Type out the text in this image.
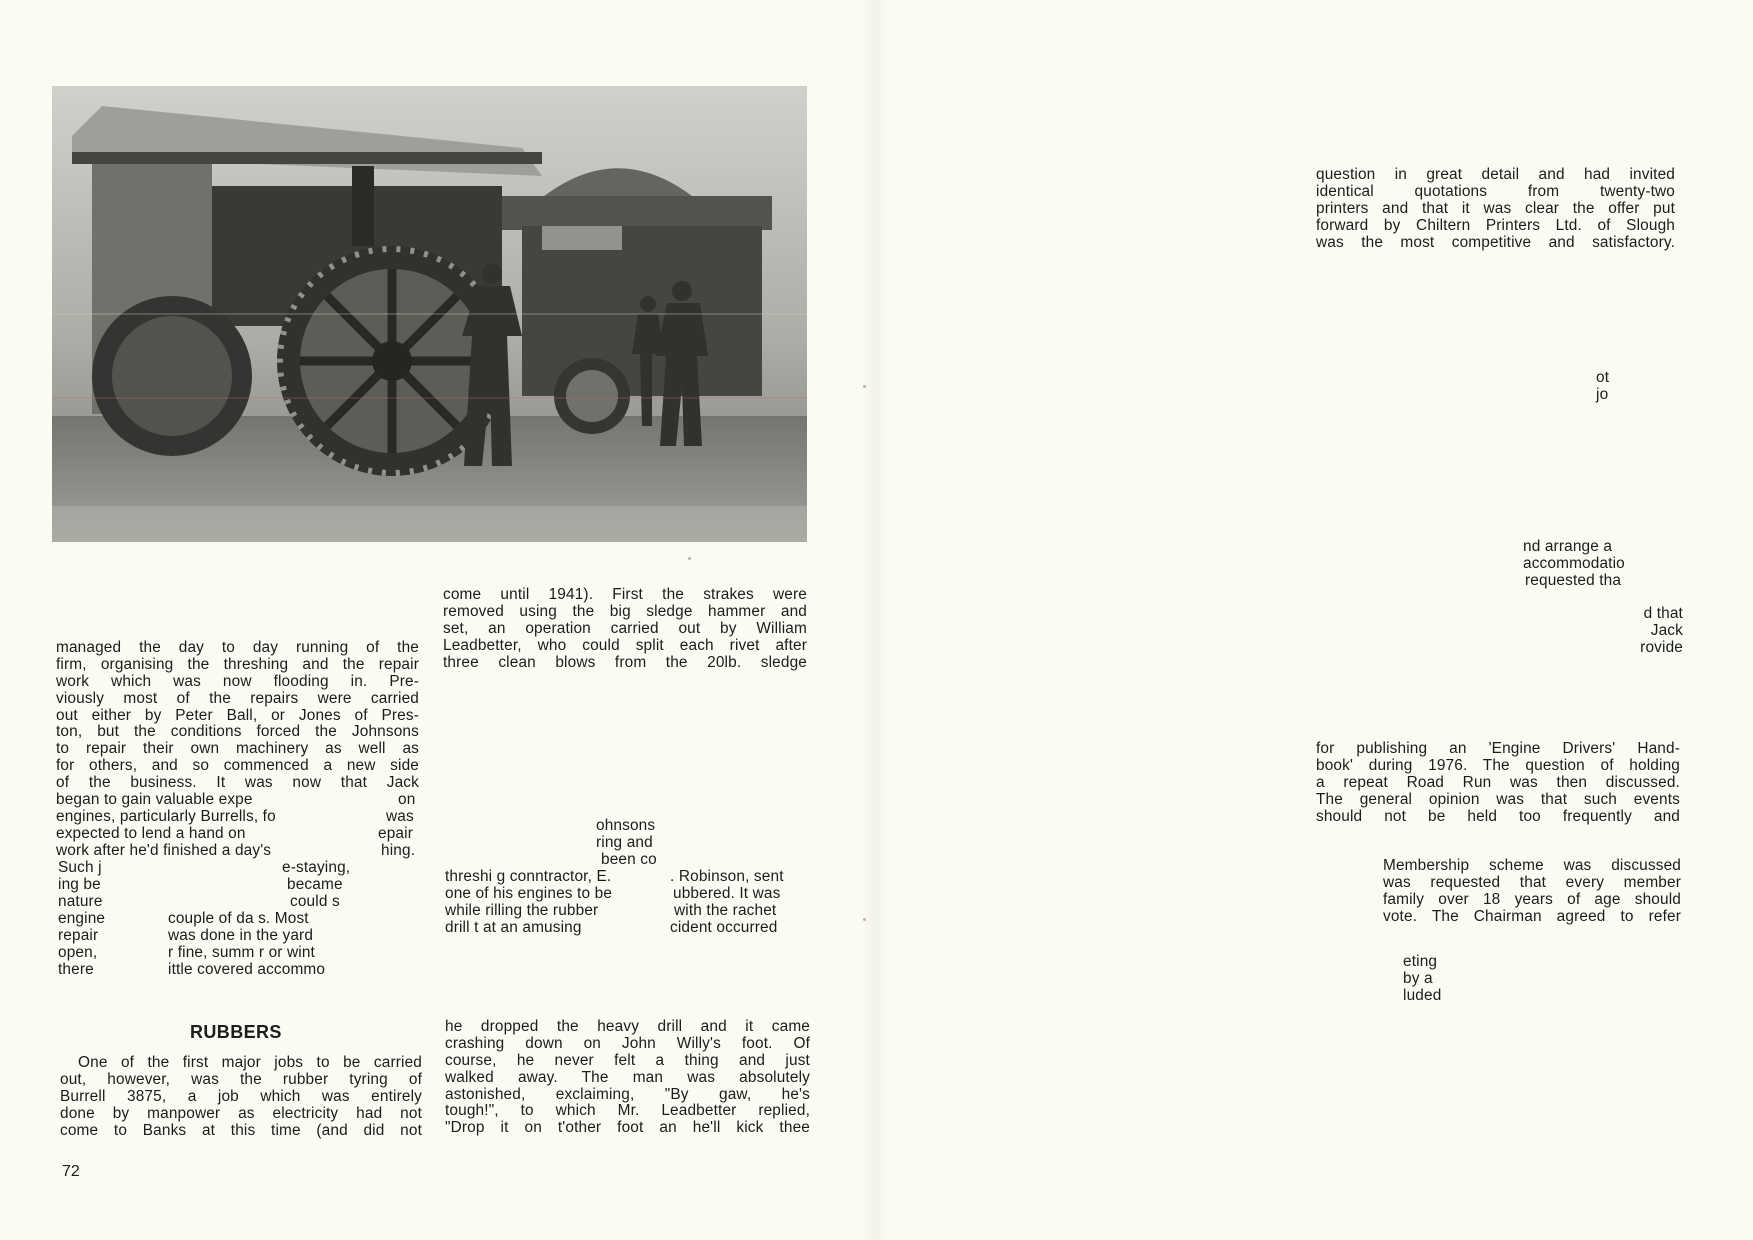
managed the day to day running of the
firm, organising the threshing and the repair
work which was now flooding in. Pre-
viously most of the repairs were carried
out either by Peter Ball, or Jones of Pres-
ton, but the conditions forced the Johnsons
to repair their own machinery as well as
for others, and so commenced a new side
of the business. It was now that Jack
began to gain valuable expe	on
engines, particularly Burrells, fo	was
expected to lend a hand on	epair
work after he'd finished a day's	hing.
Such j	e-staying,
ing be	became
nature	could s
engine	couple of da s. Most
repair	was done in the yard
open,	r fine, summ r or wint
there	ittle covered accommo
RUBBERS
One of the first major jobs to be carried
out, however, was the rubber tyring of
Burrell 3875, a job which was entirely
done by manpower as electricity had not
come to Banks at this time (and did not
come until 1941). First the strakes were
removed using the big sledge hammer and
set, an operation carried out by William
Leadbetter, who could split each rivet after
three clean blows from the 20lb. sledge
ohnsons
ring and
been co
threshi g conntractor, E.	. Robinson, sent
one of his engines to be	ubbered. It was
while rilling the rubber	with the rachet
drill t at an amusing	cident occurred
he dropped the heavy drill and it came
crashing down on John Willy's foot. Of
course, he never felt a thing and just
walked away. The man was absolutely
astonished, exclaiming, "By gaw, he's
tough!", to which Mr. Leadbetter replied,
"Drop it on t'other foot an he'll kick thee
72
question in great detail and had invited
identical quotations from twenty-two
printers and that it was clear the offer put
forward by Chiltern Printers Ltd. of Slough
was the most competitive and satisfactory.
ot
jo
nd arrange a
accommodatio
requested tha
d that
Jack
rovide
for publishing an 'Engine Drivers' Hand-
book' during 1976. The question of holding
a repeat Road Run was then discussed.
The general opinion was that such events
should not be held too frequently and
Membership scheme was discussed
was requested that every member
family over 18 years of age should
vote. The Chairman agreed to refer
eting
by a
luded
